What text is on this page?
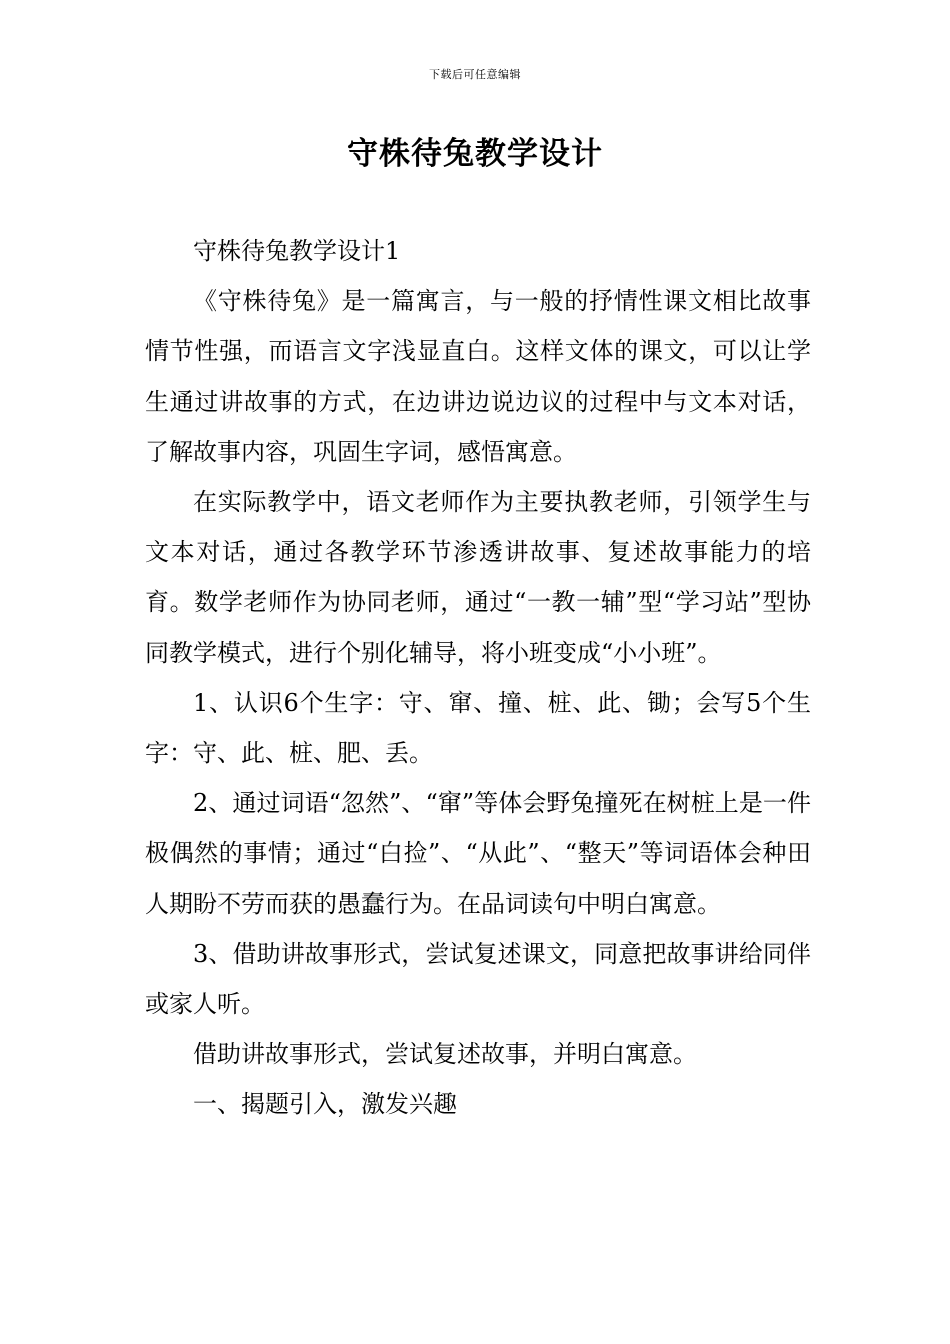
下载后可任意编辑
守株待兔教学设计

守株待兔教学设计1

《守株待兔》是一篇寓言，与一般的抒情性课文相比故事情节性强，而语言文字浅显直白。这样文体的课文，可以让学生通过讲故事的方式，在边讲边说边议的过程中与文本对话，了解故事内容，巩固生字词，感悟寓意。

在实际教学中，语文老师作为主要执教老师，引领学生与文本对话，通过各教学环节渗透讲故事、复述故事能力的培育。数学老师作为协同老师，通过“一教一辅”型“学习站”型协同教学模式，进行个别化辅导，将小班变成“小小班”。

1、认识6个生字：守、窜、撞、桩、此、锄；会写5个生字：守、此、桩、肥、丢。

2、通过词语“忽然”、“窜”等体会野兔撞死在树桩上是一件极偶然的事情；通过“白捡”、“从此”、“整天”等词语体会种田人期盼不劳而获的愚蠢行为。在品词读句中明白寓意。

3、借助讲故事形式，尝试复述课文，同意把故事讲给同伴或家人听。

借助讲故事形式，尝试复述故事，并明白寓意。

一、揭题引入，激发兴趣
